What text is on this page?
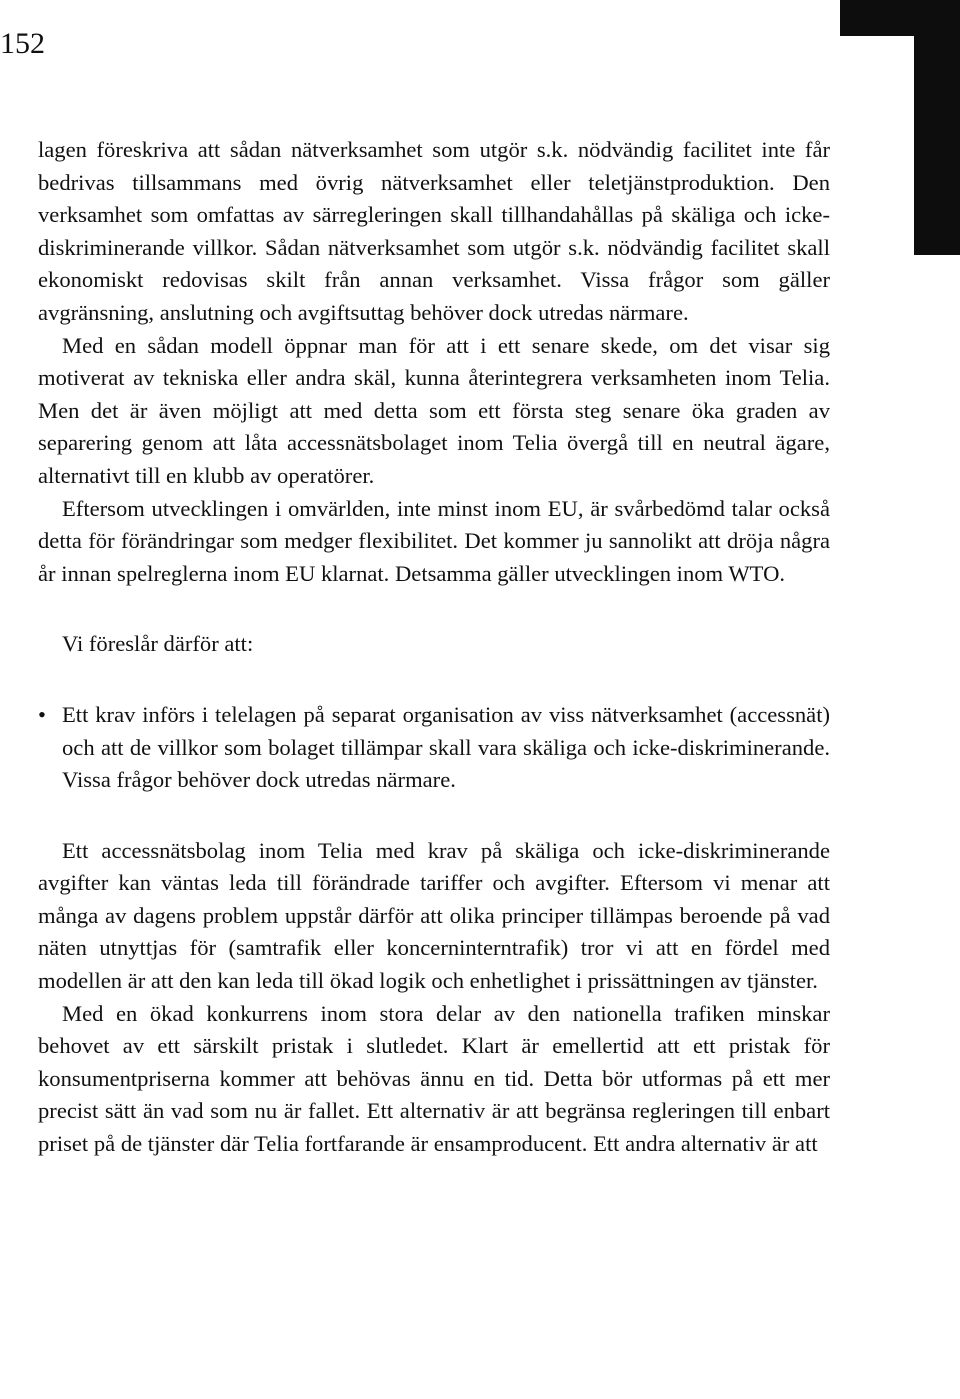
152

lagen föreskriva att sådan nätverksamhet som utgör s.k. nödvändig facilitet inte får bedrivas tillsammans med övrig nätverksamhet eller teletjänstproduktion. Den verksamhet som omfattas av särregleringen skall tillhandahållas på skäliga och icke-diskriminerande villkor. Sådan nätverksamhet som utgör s.k. nödvändig facilitet skall ekonomiskt redovisas skilt från annan verksamhet. Vissa frågor som gäller avgränsning, anslutning och avgiftsuttag behöver dock utredas närmare.

Med en sådan modell öppnar man för att i ett senare skede, om det visar sig motiverat av tekniska eller andra skäl, kunna återintegrera verksamheten inom Telia. Men det är även möjligt att med detta som ett första steg senare öka graden av separering genom att låta accessnätsbolaget inom Telia övergå till en neutral ägare, alternativt till en klubb av operatörer.

Eftersom utvecklingen i omvärlden, inte minst inom EU, är svårbedömd talar också detta för förändringar som medger flexibilitet. Det kommer ju sannolikt att dröja några år innan spelreglerna inom EU klarnat. Detsamma gäller utvecklingen inom WTO.

Vi föreslår därför att:

• Ett krav införs i telelagen på separat organisation av viss nätverksamhet (accessnät) och att de villkor som bolaget tillämpar skall vara skäliga och icke-diskriminerande. Vissa frågor behöver dock utredas närmare.

Ett accessnätsbolag inom Telia med krav på skäliga och icke-diskriminerande avgifter kan väntas leda till förändrade tariffer och avgifter. Eftersom vi menar att många av dagens problem uppstår därför att olika principer tillämpas beroende på vad näten utnyttjas för (samtrafik eller koncerninterntrafik) tror vi att en fördel med modellen är att den kan leda till ökad logik och enhetlighet i prissättningen av tjänster.

Med en ökad konkurrens inom stora delar av den nationella trafiken minskar behovet av ett särskilt pristak i slutledet. Klart är emellertid att ett pristak för konsumentpriserna kommer att behövas ännu en tid. Detta bör utformas på ett mer precist sätt än vad som nu är fallet. Ett alternativ är att begränsa regleringen till enbart priset på de tjänster där Telia fortfarande är ensamproducent. Ett andra alternativ är att
